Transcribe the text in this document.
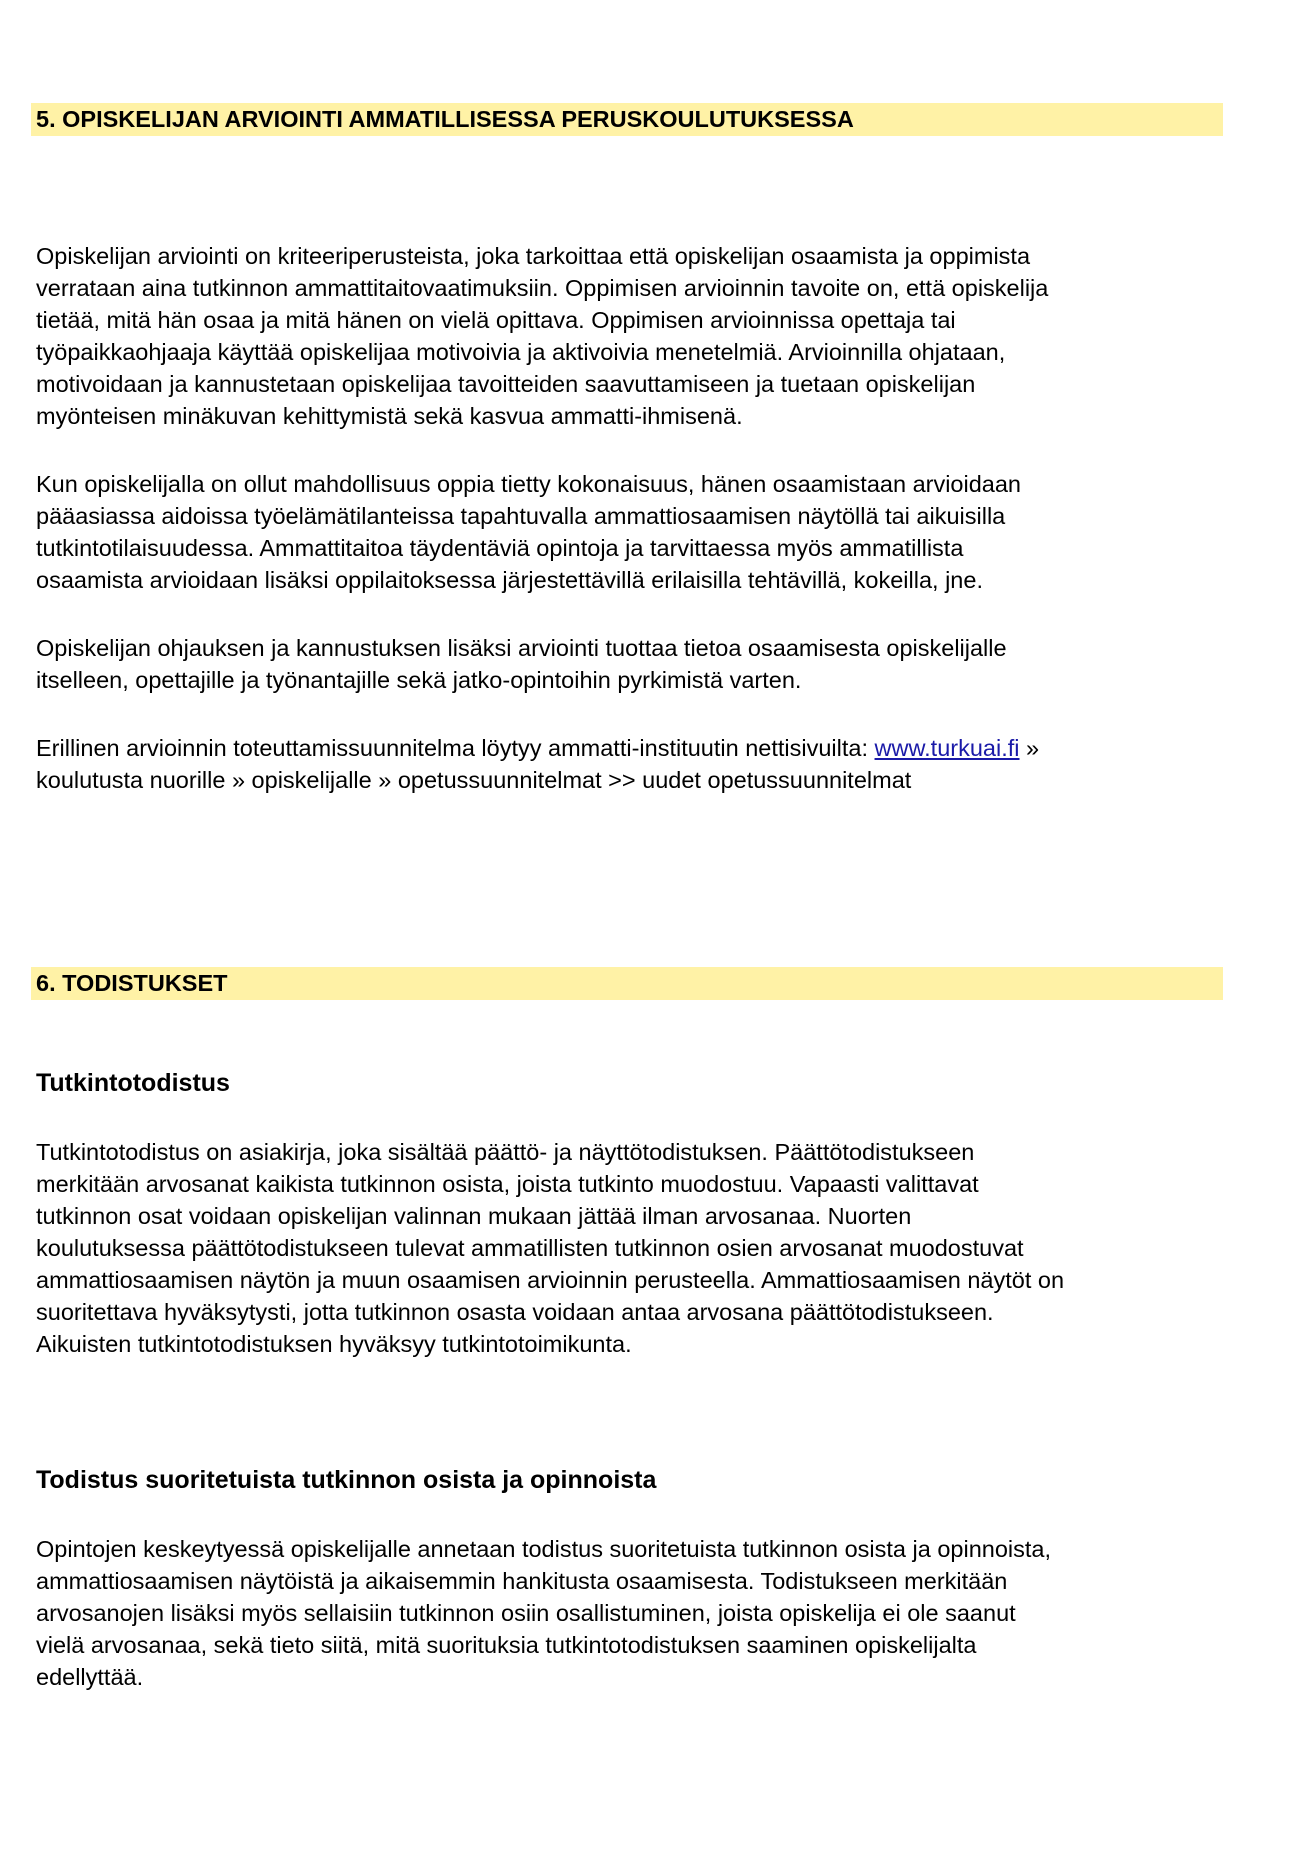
5. OPISKELIJAN ARVIOINTI AMMATILLISESSA PERUSKOULUTUKSESSA
Opiskelijan arviointi on kriteeriperusteista, joka tarkoittaa että opiskelijan osaamista ja oppimista
verrataan aina tutkinnon ammattitaitovaatimuksiin. Oppimisen arvioinnin tavoite on, että opiskelija
tietää, mitä hän osaa ja mitä hänen on vielä opittava. Oppimisen arvioinnissa opettaja tai
työpaikkaohjaaja käyttää opiskelijaa motivoivia ja aktivoivia menetelmiä. Arvioinnilla ohjataan,
motivoidaan ja kannustetaan opiskelijaa tavoitteiden saavuttamiseen ja tuetaan opiskelijan
myönteisen minäkuvan kehittymistä sekä kasvua ammatti-ihmisenä.
Kun opiskelijalla on ollut mahdollisuus oppia tietty kokonaisuus, hänen osaamistaan arvioidaan
pääasiassa aidoissa työelämätilanteissa tapahtuvalla ammattiosaamisen näytöllä tai aikuisilla
tutkintotilaisuudessa. Ammattitaitoa täydentäviä opintoja ja tarvittaessa myös ammatillista
osaamista arvioidaan lisäksi oppilaitoksessa järjestettävillä erilaisilla tehtävillä, kokeilla, jne.
Opiskelijan ohjauksen ja kannustuksen lisäksi arviointi tuottaa tietoa osaamisesta opiskelijalle
itselleen, opettajille ja työnantajille sekä jatko-opintoihin pyrkimistä varten.
Erillinen arvioinnin toteuttamissuunnitelma löytyy ammatti-instituutin nettisivuilta: www.turkuai.fi »
koulutusta nuorille » opiskelijalle » opetussuunnitelmat >> uudet opetussuunnitelmat
6. TODISTUKSET
Tutkintotodistus
Tutkintotodistus on asiakirja, joka sisältää päättö- ja näyttötodistuksen. Päättötodistukseen
merkitään arvosanat kaikista tutkinnon osista, joista tutkinto muodostuu. Vapaasti valittavat
tutkinnon osat voidaan opiskelijan valinnan mukaan jättää ilman arvosanaa. Nuorten
koulutuksessa päättötodistukseen tulevat ammatillisten tutkinnon osien arvosanat muodostuvat
ammattiosaamisen näytön ja muun osaamisen arvioinnin perusteella. Ammattiosaamisen näytöt on
suoritettava hyväksytysti, jotta tutkinnon osasta voidaan antaa arvosana päättötodistukseen.
Aikuisten tutkintotodistuksen hyväksyy tutkintotoimikunta.
Todistus suoritetuista tutkinnon osista ja opinnoista
Opintojen keskeytyessä opiskelijalle annetaan todistus suoritetuista tutkinnon osista ja opinnoista,
ammattiosaamisen näytöistä ja aikaisemmin hankitusta osaamisesta. Todistukseen merkitään
arvosanojen lisäksi myös sellaisiin tutkinnon osiin osallistuminen, joista opiskelija ei ole saanut
vielä arvosanaa, sekä tieto siitä, mitä suorituksia tutkintotodistuksen saaminen opiskelijalta
edellyttää.
